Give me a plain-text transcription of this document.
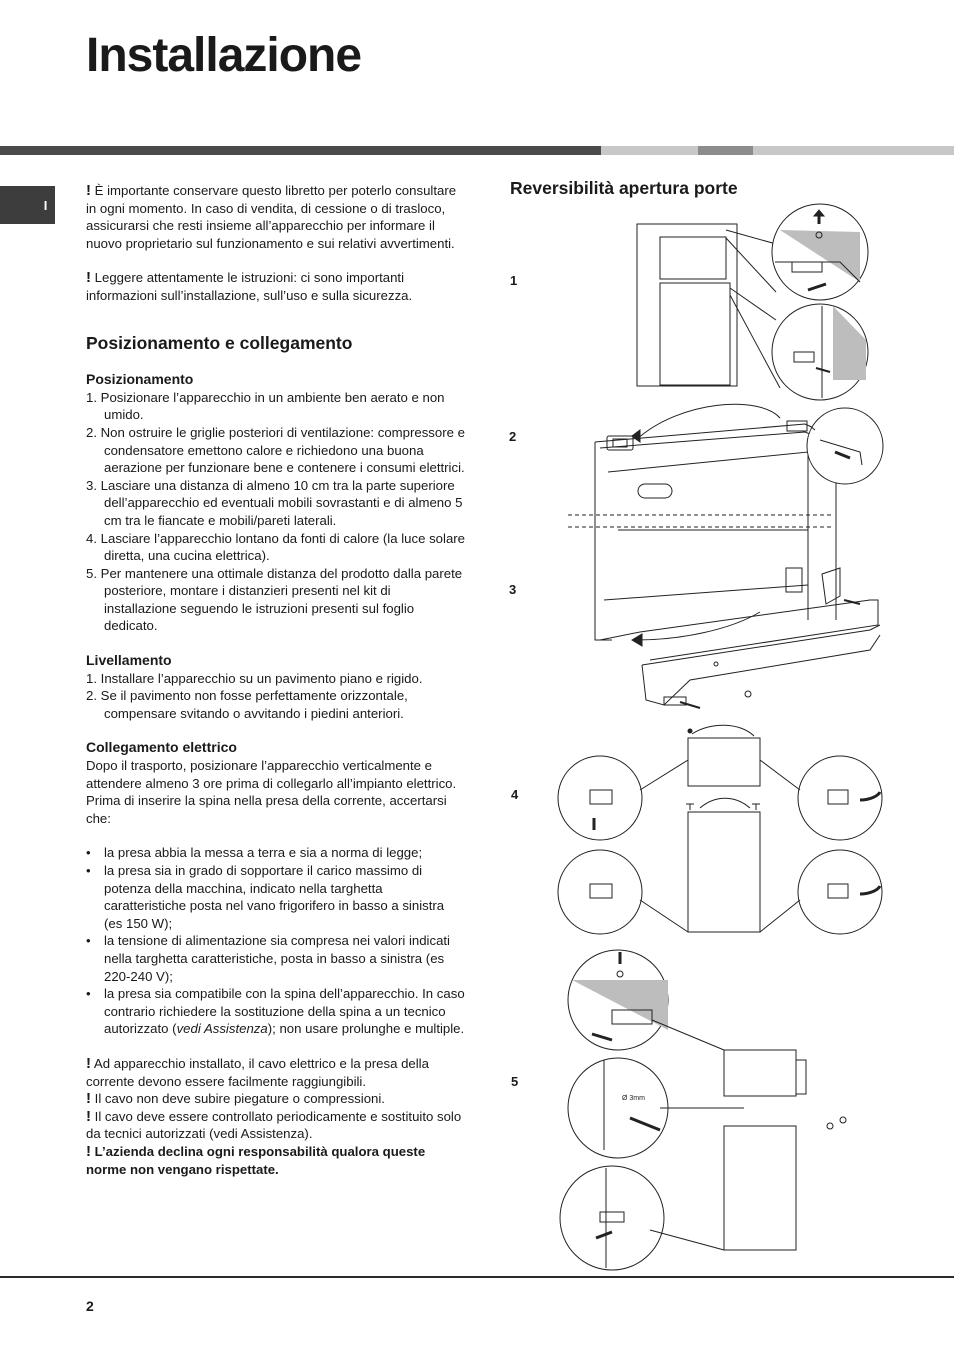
Installazione
I

! È importante conservare questo libretto per poterlo consultare in ogni momento. In caso di vendita, di cessione o di trasloco, assicurarsi che resti insieme all’apparecchio per informare il nuovo proprietario sul funzionamento e sui relativi avvertimenti.

! Leggere attentamente le istruzioni: ci sono importanti informazioni sull’installazione, sull’uso e sulla sicurezza.

Posizionamento e collegamento
Posizionamento
1. Posizionare l’apparecchio in un ambiente ben aerato e non umido.
2. Non ostruire le griglie posteriori di ventilazione: compressore e condensatore emettono calore e richiedono una buona aerazione per funzionare bene e contenere i consumi elettrici.
3. Lasciare una distanza di almeno 10 cm tra la parte superiore dell’apparecchio ed eventuali mobili sovrastanti e di almeno 5 cm tra le fiancate e mobili/pareti laterali.
4. Lasciare l’apparecchio lontano da fonti di calore (la luce solare diretta, una cucina elettrica).
5. Per mantenere una ottimale distanza del prodotto dalla parete posteriore, montare i distanzieri presenti nel kit di installazione seguendo le istruzioni presenti sul foglio dedicato.
Livellamento
1. Installare l’apparecchio su un pavimento piano e rigido.
2. Se il pavimento non fosse perfettamente orizzontale, compensare svitando o avvitando i piedini anteriori.
Collegamento elettrico

Dopo il trasporto, posizionare l’apparecchio verticalmente e attendere almeno 3 ore prima di collegarlo all’impianto elettrico. Prima di inserire la spina nella presa della corrente, accertarsi che:

• la presa abbia la messa a terra e sia a norma di legge;
• la presa sia in grado di sopportare il carico massimo di potenza della macchina, indicato nella targhetta caratteristiche posta nel vano frigorifero in basso a sinistra (es 150 W);
• la tensione di alimentazione sia compresa nei valori indicati nella targhetta caratteristiche, posta in basso a sinistra (es 220-240 V);
• la presa sia compatibile con la spina dell’apparecchio. In caso contrario richiedere la sostituzione della spina a un tecnico autorizzato (vedi Assistenza); non usare prolunghe e multiple.

! Ad apparecchio installato, il cavo elettrico e la presa della corrente devono essere facilmente raggiungibili.

! Il cavo non deve subire piegature o compressioni.

! Il cavo deve essere controllato periodicamente e sostituito solo da tecnici autorizzati (vedi Assistenza).

! L’azienda declina ogni responsabilità qualora queste norme non vengano rispettate.

Reversibilità apertura porte
1
2
3
4
5
Ø 3mm
2
